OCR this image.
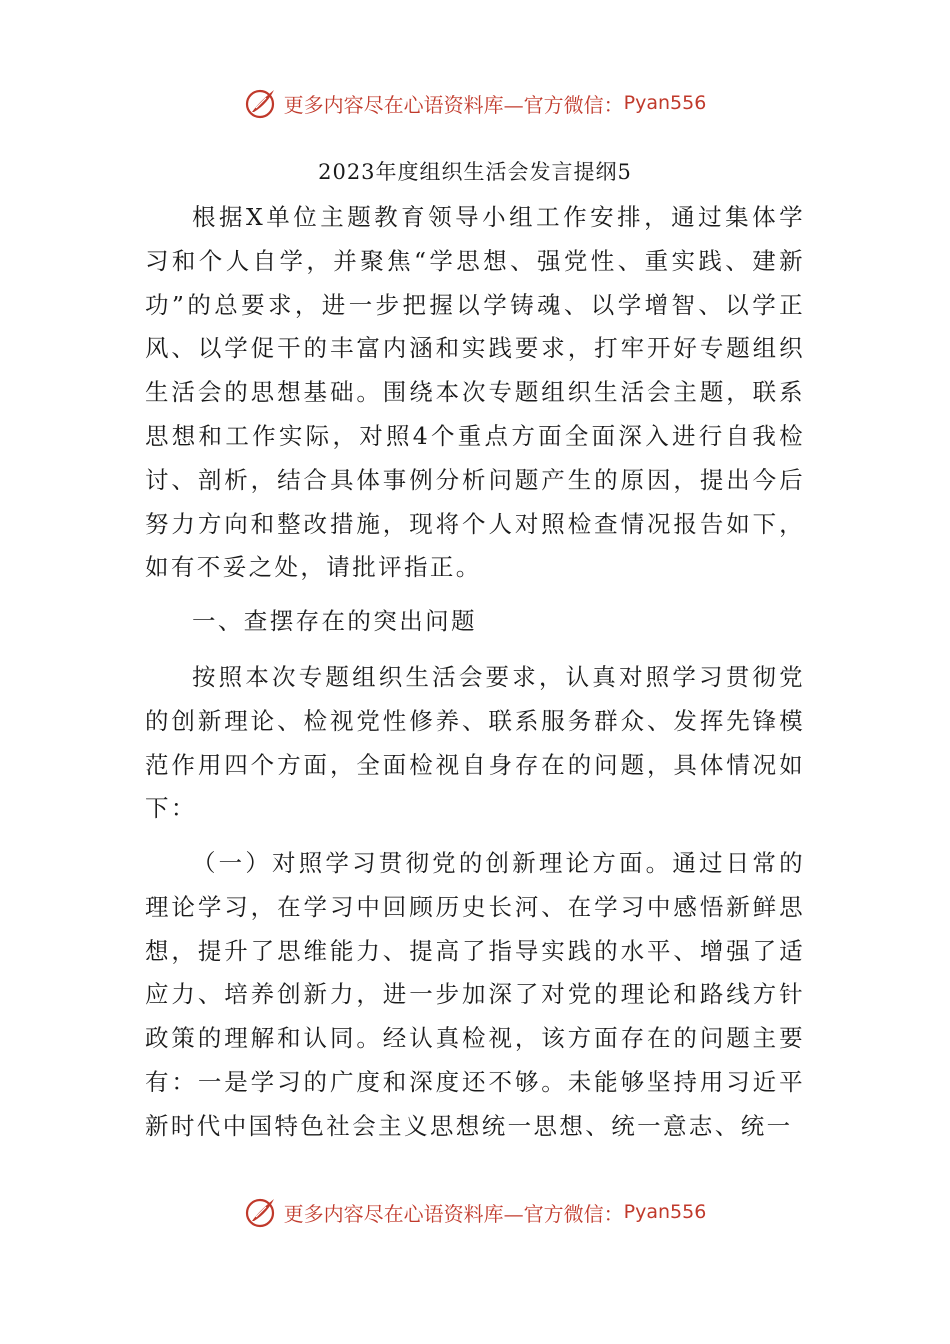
更多内容尽在心语资料库—官方微信： Pyan556
2023年度组织生活会发言提纲5

根据X单位主题教育领导小组工作安排，通过集体学习和个人自学，并聚焦“学思想、强党性、重实践、建新功”的总要求，进一步把握以学铸魂、以学增智、以学正风、以学促干的丰富内涵和实践要求，打牢开好专题组织生活会的思想基础。围绕本次专题组织生活会主题，联系思想和工作实际，对照4个重点方面全面深入进行自我检讨、剖析，结合具体事例分析问题产生的原因，提出今后努力方向和整改措施，现将个人对照检查情况报告如下，如有不妥之处，请批评指正。

一、查摆存在的突出问题

按照本次专题组织生活会要求，认真对照学习贯彻党的创新理论、检视党性修养、联系服务群众、发挥先锋模范作用四个方面，全面检视自身存在的问题，具体情况如下：

（一）对照学习贯彻党的创新理论方面。通过日常的理论学习，在学习中回顾历史长河、在学习中感悟新鲜思想，提升了思维能力、提高了指导实践的水平、增强了适应力、培养创新力，进一步加深了对党的理论和路线方针政策的理解和认同。经认真检视，该方面存在的问题主要有：一是学习的广度和深度还不够。未能够坚持用习近平新时代中国特色社会主义思想统一思想、统一意志、统一

更多内容尽在心语资料库—官方微信： Pyan556
